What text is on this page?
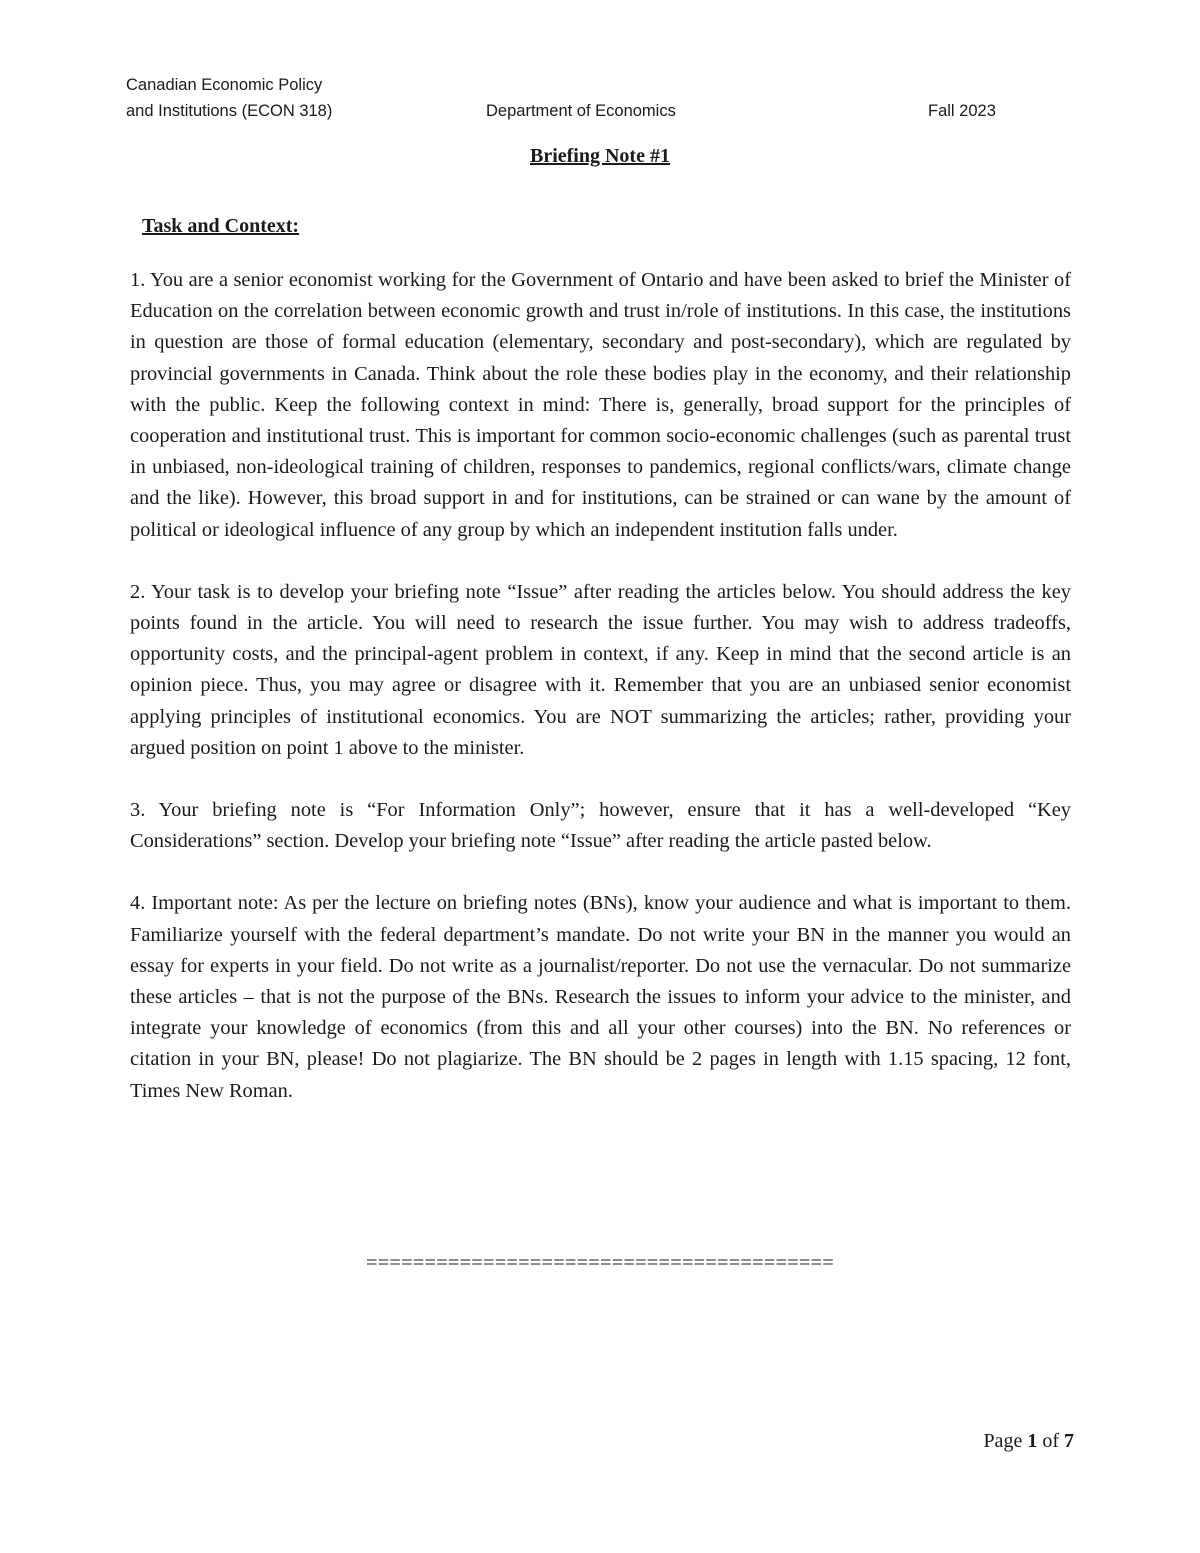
Canadian Economic Policy
and Institutions (ECON 318)	Department of Economics	Fall 2023
Briefing Note #1
Task and Context:

1. You are a senior economist working for the Government of Ontario and have been asked to brief the Minister of Education on the correlation between economic growth and trust in/role of institutions. In this case, the institutions in question are those of formal education (elementary, secondary and post-secondary), which are regulated by provincial governments in Canada. Think about the role these bodies play in the economy, and their relationship with the public. Keep the following context in mind: There is, generally, broad support for the principles of cooperation and institutional trust. This is important for common socio-economic challenges (such as parental trust in unbiased, non-ideological training of children, responses to pandemics, regional conflicts/wars, climate change and the like). However, this broad support in and for institutions, can be strained or can wane by the amount of political or ideological influence of any group by which an independent institution falls under.

2. Your task is to develop your briefing note “Issue” after reading the articles below. You should address the key points found in the article. You will need to research the issue further. You may wish to address tradeoffs, opportunity costs, and the principal-agent problem in context, if any. Keep in mind that the second article is an opinion piece. Thus, you may agree or disagree with it. Remember that you are an unbiased senior economist applying principles of institutional economics. You are NOT summarizing the articles; rather, providing your argued position on point 1 above to the minister.

3. Your briefing note is “For Information Only”; however, ensure that it has a well-developed “Key Considerations” section. Develop your briefing note “Issue” after reading the article pasted below.

4. Important note: As per the lecture on briefing notes (BNs), know your audience and what is important to them. Familiarize yourself with the federal department’s mandate. Do not write your BN in the manner you would an essay for experts in your field. Do not write as a journalist/reporter. Do not use the vernacular. Do not summarize these articles – that is not the purpose of the BNs. Research the issues to inform your advice to the minister, and integrate your knowledge of economics (from this and all your other courses) into the BN. No references or citation in your BN, please! Do not plagiarize. The BN should be 2 pages in length with 1.15 spacing, 12 font, Times New Roman.

========================================
Page 1 of 7
